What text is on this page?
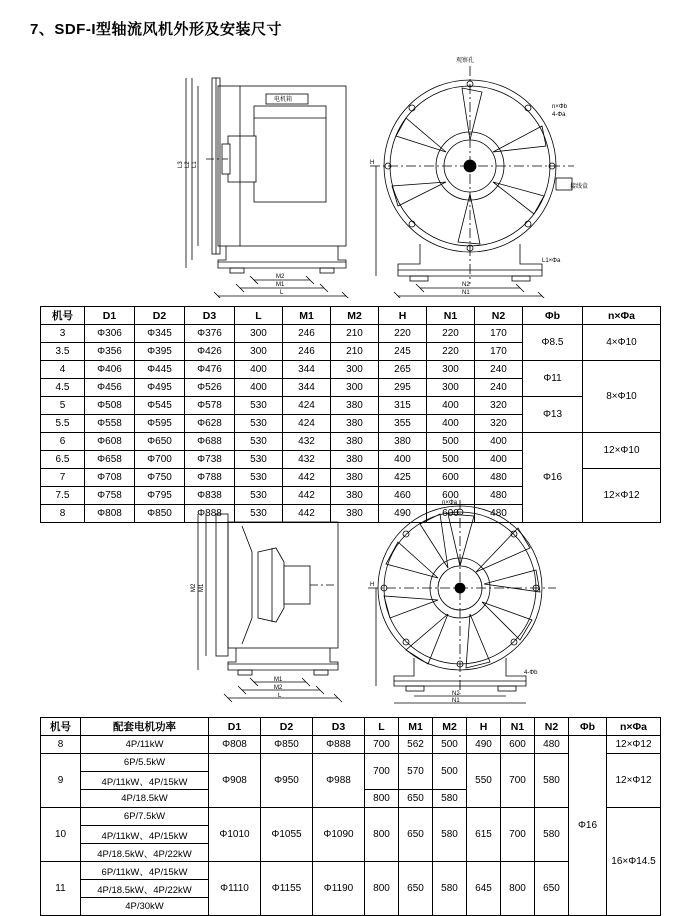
7、SDF-I型轴流风机外形及安装尺寸
L3 L2 L1
M2
M1
L
电机箱
H
N2
N1
观察孔
n×Φb
4-Φa
接线盒
L1×Φa
机号	D1	D2	D3	L	M1	M2	H	N1	N2	Φb	n×Φa
3	Φ306	Φ345	Φ376	300	246	210	220	220	170	Φ8.5	4×Φ10
3.5	Φ356	Φ395	Φ426	300	246	210	245	220	170		
4	Φ406	Φ445	Φ476	400	344	300	265	300	240	Φ11	8×Φ10
4.5	Φ456	Φ495	Φ526	400	344	300	295	300	240		
5	Φ508	Φ545	Φ578	530	424	380	315	400	320	Φ13	
5.5	Φ558	Φ595	Φ628	530	424	380	355	400	320		
6	Φ608	Φ650	Φ688	530	432	380	380	500	400	Φ16	12×Φ10
6.5	Φ658	Φ700	Φ738	530	432	380	400	500	400		
7	Φ708	Φ750	Φ788	530	442	380	425	600	480		12×Φ12
7.5	Φ758	Φ795	Φ838	530	442	380	460	600	480		
8	Φ808	Φ850	Φ888	530	442	380	490	600	480		
M2 M1
M1
M2
L
n×Φa
H
N2
N1
4-Φb
机号	配套电机功率	D1	D2	D3	L	M1	M2	H	N1	N2	Φb	n×Φa
8	4P/11kW	Φ808	Φ850	Φ888	700	562	500	490	600	480	Φ16	12×Φ12
9	6P/5.5kW	Φ908	Φ950	Φ988	700	570	500	550	700	580		12×Φ12
	4P/11kW、4P/15kW											
	4P/18.5kW				800	650	580					
10	6P/7.5kW	Φ1010	Φ1055	Φ1090	800	650	580	615	700	580		16×Φ14.5
	4P/11kW、4P/15kW											
	4P/18.5kW、4P/22kW											
11	6P/11kW、4P/15kW	Φ1110	Φ1155	Φ1190	800	650	580	645	800	650		
	4P/18.5kW、4P/22kW											
	4P/30kW											
